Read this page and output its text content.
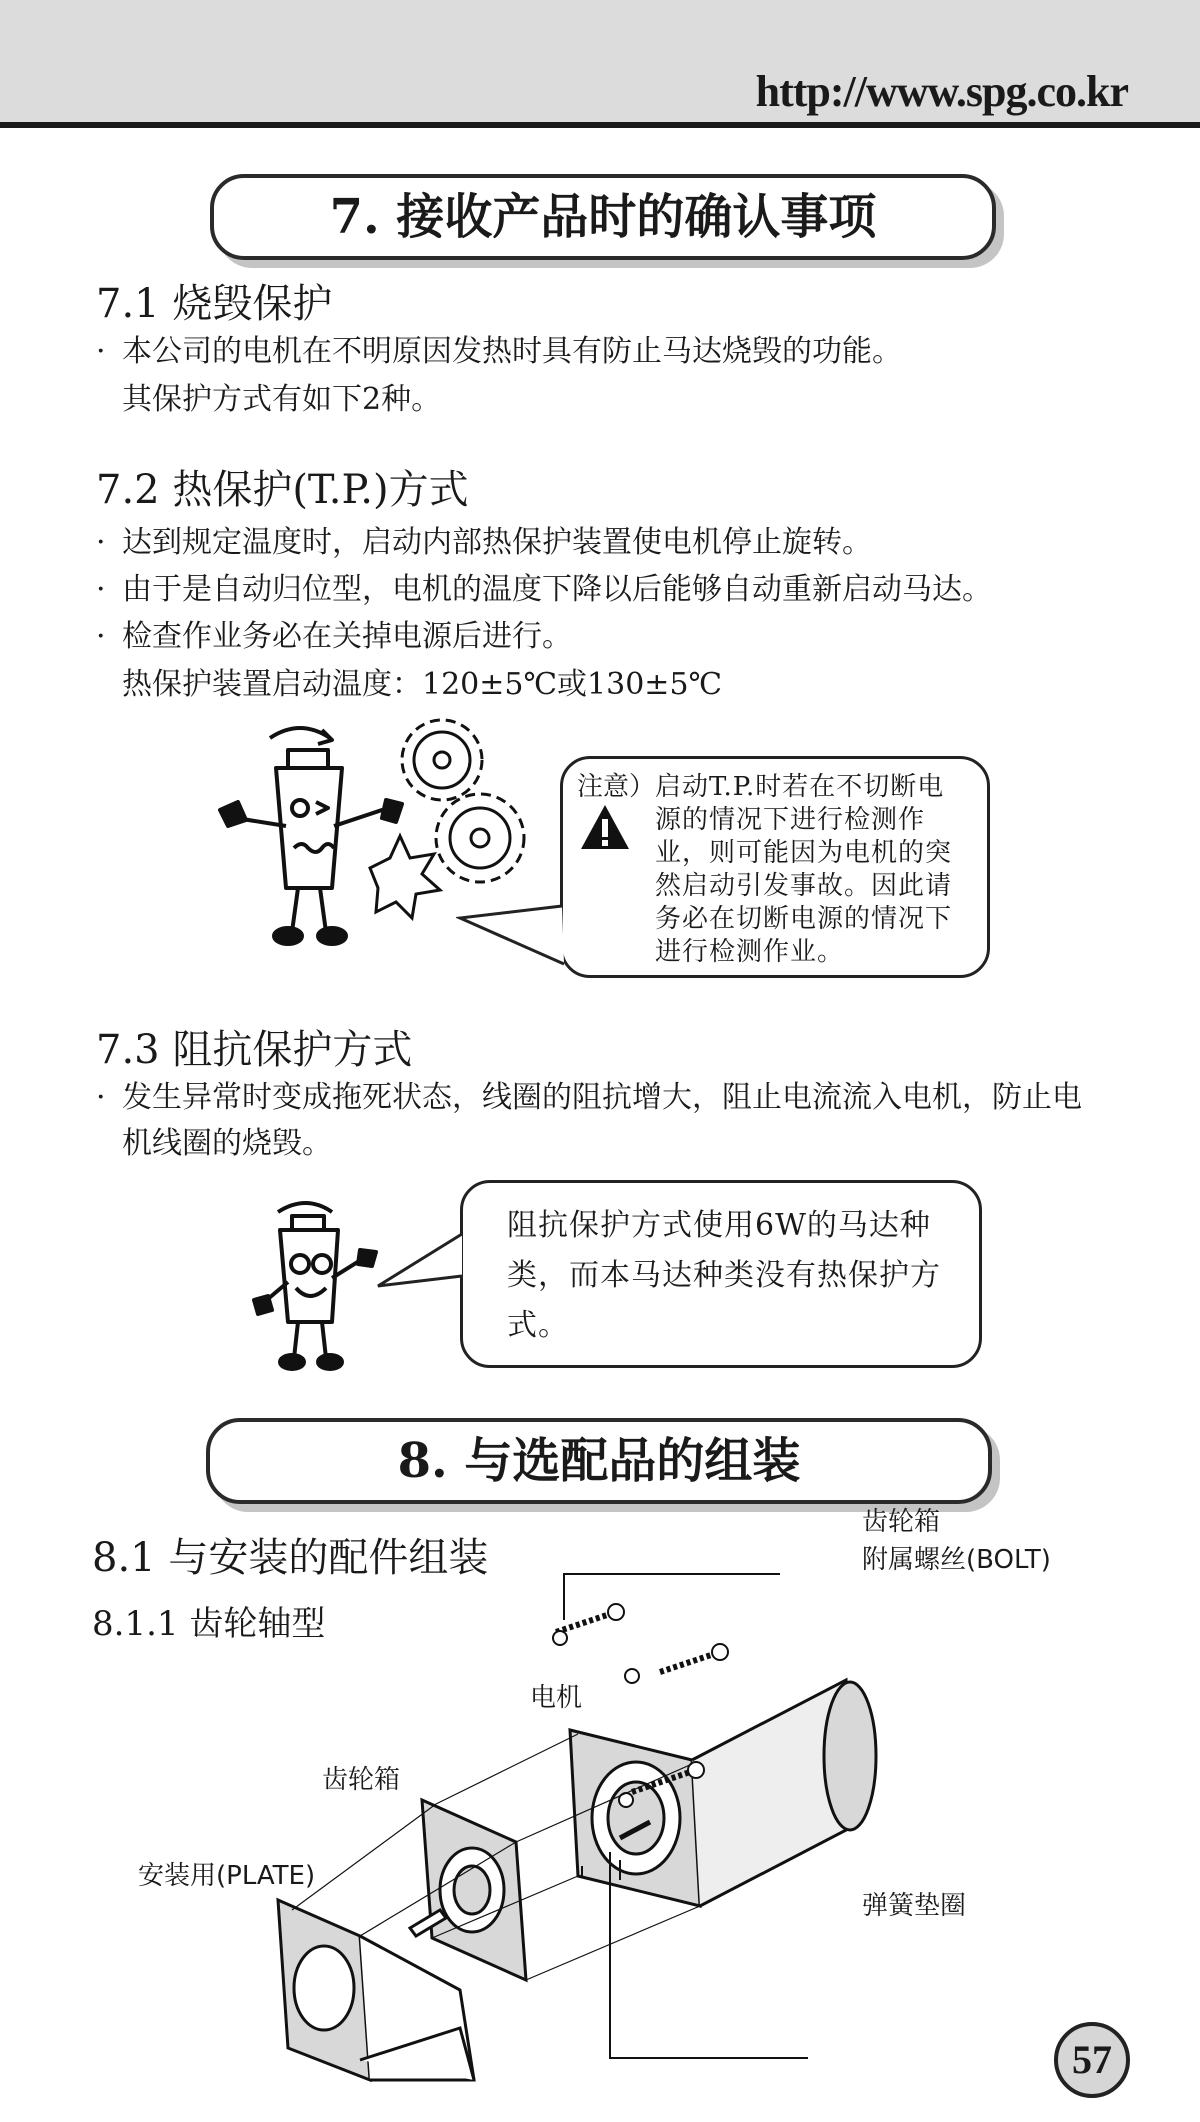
http://www.spg.co.kr
7. 接收产品时的确认事项
7.1 烧毁保护
· 本公司的电机在不明原因发热时具有防止马达烧毁的功能。
其保护方式有如下2种。
7.2 热保护(T.P.)方式
· 达到规定温度时，启动内部热保护装置使电机停止旋转。
· 由于是自动归位型，电机的温度下降以后能够自动重新启动马达。
· 检查作业务必在关掉电源后进行。
热保护装置启动温度：120±5℃或130±5℃
注意） 启动T.P.时若在不切断电源的情况下进行检测作业，则可能因为电机的突然启动引发事故。因此请务必在切断电源的情况下进行检测作业。
7.3 阻抗保护方式
· 发生异常时变成拖死状态，线圈的阻抗增大，阻止电流流入电机，防止电机线圈的烧毁。
阻抗保护方式使用6W的马达种类，而本马达种类没有热保护方式。
8. 与选配品的组装
8.1 与安装的配件组装
8.1.1 齿轮轴型
齿轮箱
附属螺丝(BOLT)
电机
齿轮箱
安装用(PLATE)
弹簧垫圈
57
